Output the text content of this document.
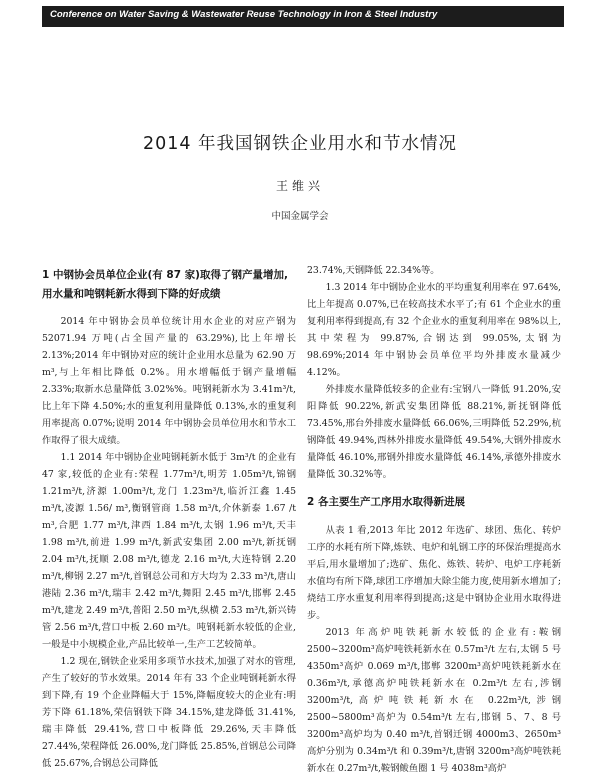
Conference on Water Saving & Wastewater Reuse Technology in Iron & Steel Industry
2014 年我国钢铁企业用水和节水情况
王维兴
中国金属学会
1 中钢协会员单位企业(有 87 家)取得了钢产量增加,用水量和吨钢耗新水得到下降的好成绩

2014 年中钢协会员单位统计用水企业的对应产钢为 52071.94 万吨(占全国产量的 63.29%),比上年增长 2.13%;2014 年中钢协对应的统计企业用水总量为 62.90 万 m³,与上年相比降低 0.2%。用水增幅低于钢产量增幅 2.33%;取新水总量降低 3.02%%。吨钢耗新水为 3.41m³/t,比上年下降 4.50%;水的重复利用量降低 0.13%,水的重复利用率提高 0.07%;说明 2014 年中钢协会员单位用水和节水工作取得了很大成绩。

1.1 2014 年中钢协企业吨钢耗新水低于 3m³/t 的企业有 47 家,较低的企业有:荣程 1.77m³/t,明芳 1.05m³/t,锦钢 1.21m³/t,济源 1.00m³/t,龙门 1.23m³/t,临沂江鑫 1.45 m³/t,凌源 1.56/ m³,衡钢管商 1.58 m³/t,介休新泰 1.67 /t m³,合肥 1.77 m³/t,津西 1.84 m³/t,太钢 1.96 m³/t,天丰 1.98 m³/t,前进 1.99 m³/t,新武安集团 2.00 m³/t,新抚钢 2.04 m³/t,抚顺 2.08 m³/t,德龙 2.16 m³/t,大连特钢 2.20 m³/t,柳钢 2.27 m³/t,首钢总公司和方大均为 2.33 m³/t,唐山港陆 2.36 m³/t,瑞丰 2.42 m³/t,舞阳 2.45 m³/t,邯郸 2.45 m³/t,建龙 2.49 m³/t,普阳 2.50 m³/t,纵横 2.53 m³/t,新兴铸管 2.56 m³/t,营口中板 2.60 m³/t。吨钢耗新水较低的企业,一般是中小规模企业,产品比较单一,生产工艺较简单。

1.2 现在,钢铁企业采用多项节水技术,加强了对水的管理,产生了较好的节水效果。2014 年有 33 个企业吨钢耗新水得到下降,有 19 个企业降幅大于 15%,降幅度较大的企业有:明芳下降 61.18%,荣信钢铁下降 34.15%,建龙降低 31.41%,瑞丰降低 29.41%,营口中板降低 29.26%,天丰降低 27.44%,荣程降低 26.00%,龙门降低 25.85%,首钢总公司降低 25.67%,合钢总公司降低

23.74%,天钢降低 22.34%等。

1.3 2014 年中钢协企业水的平均重复利用率在 97.64%,比上年提高 0.07%,已在较高技术水平了;有 61 个企业水的重复利用率得到提高,有 32 个企业水的重复利用率在 98%以上,其中荣程为 99.87%,合钢达到 99.05%,太钢为 98.69%;2014 年中钢协会员单位平均外排废水量减少 4.12%。

外排废水量降低较多的企业有:宝钢八一降低 91.20%,安阳降低 90.22%,新武安集团降低 88.21%,新抚钢降低 73.45%,邢台外排废水量降低 66.06%,三明降低 52.29%,杭钢降低 49.94%,西林外排废水量降低 49.54%,大钢外排废水量降低 46.10%,邢钢外排废水量降低 46.14%,承德外排废水量降低 30.32%等。

2 各主要生产工序用水取得新进展

从表 1 看,2013 年比 2012 年选矿、球团、焦化、转炉工序的水耗有所下降,炼铁、电炉和轧钢工序的环保治理提高水平后,用水量增加了;选矿、焦化、炼铁、转炉、电炉工序耗新水值均有所下降,球团工序增加大除尘能力度,使用新水增加了;烧结工序水重复利用率得到提高;这是中钢协企业用水取得进步。

2013 年高炉吨铁耗新水较低的企业有:鞍钢 2500~3200m³高炉吨铁耗新水在 0.57m³/t 左右,太钢 5 号 4350m³高炉 0.069 m³/t,邯郸 3200m³高炉吨铁耗新水在 0.36m³/t,承德高炉吨铁耗新水在 0.2m³/t 左右,涉钢 3200m³/t,高炉吨铁耗新水在 0.22m³/t,涉钢 2500~5800m³高炉为 0.54m³/t 左右,邯钢 5、7、8 号 3200m³高炉均为 0.40 m³/t,首钢迁钢 4000m3、2650m³高炉分别为 0.34m³/t 和 0.39m³/t,唐钢 3200m³高炉吨铁耗新水在 0.27m³/t,鞍钢鲅鱼圈 1 号 4038m³高炉
